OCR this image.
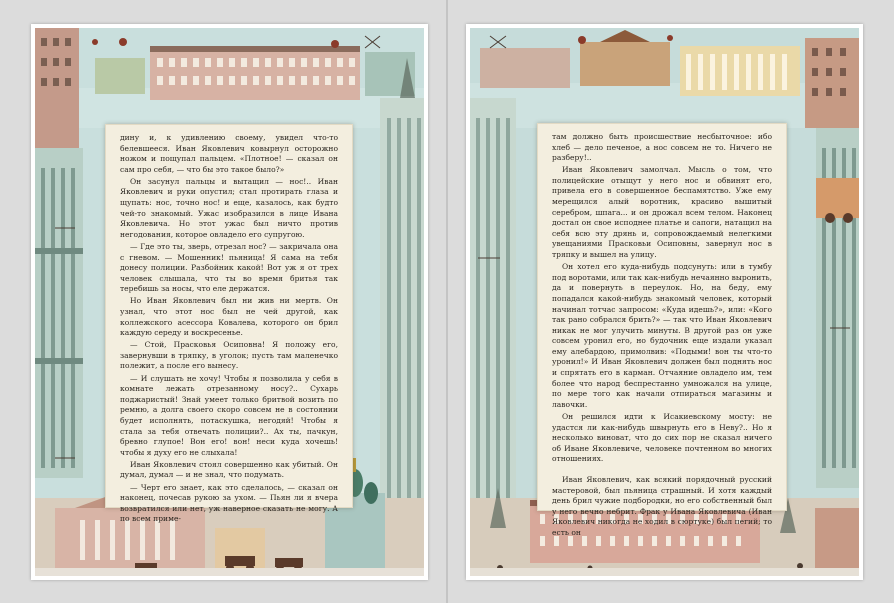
дину и, к удивлению своему, увидел что-то белевшееся. Иван Яковлевич ковырнул осторожно ножом и пощупал пальцем. «Плотное! — сказал он сам про себя, — что бы это такое было?»

Он засунул пальцы и вытащил — нос!.. Иван Яковлевич и руки опустил; стал протирать глаза и щупать: нос, точно нос! и еще, казалось, как будто чей-то знакомый. Ужас изобразился в лице Ивана Яковлевича. Но этот ужас был ничто против негодования, которое овладело его супругою.

— Где это ты, зверь, отрезал нос? — закричала она с гневом. — Мошенник! пьяница! Я сама на тебя донесу полиции. Разбойник какой! Вот уж я от трех человек слышала, что ты во время бритья так теребишь за носы, что еле держатся.

Но Иван Яковлевич был ни жив ни мертв. Он узнал, что этот нос был не чей другой, как коллежского асессора Ковалева, которого он брил каждую середу и воскресенье.

— Стой, Прасковья Осиповна! Я положу его, завернувши в тряпку, в уголок; пусть там маленечко полежит, а после его вынесу.

— И слушать не хочу! Чтобы я позволила у себя в комнате лежать отрезанному носу?.. Сухарь поджаристый! Знай умеет только бритвой возить по ремню, а долга своего скоро совсем не в состоянии будет исполнять, потаскушка, негодяй! Чтобы я стала за тебя отвечать полиции?.. Ах ты, пачкун, бревно глупое! Вон его! вон! неси куда хочешь! чтобы я духу его не слыхала!

Иван Яковлевич стоял совершенно как убитый. Он думал, думал — и не знал, что подумать.

— Черт его знает, как это сделалось, — сказал он наконец, почесав рукою за ухом. — Пьян ли я вчера возвратился или нет, уж наверное сказать не могу. А по всем приме-

там должно быть происшествие несбыточное: ибо хлеб — дело печеное, а нос совсем не то. Ничего не разберу!..

Иван Яковлевич замолчал. Мысль о том, что полицейские отыщут у него нос и обвинят его, привела его в совершенное беспамятство. Уже ему мерещился алый воротник, красиво вышитый серебром, шпага... и он дрожал всем телом. Наконец достал он свое исподнее платье и сапоги, натащил на себя всю эту дрянь и, сопровождаемый нелегкими увещаниями Прасковьи Осиповны, завернул нос в тряпку и вышел на улицу.

Он хотел его куда-нибудь подсунуть: или в тумбу под воротами, или так как-нибудь нечаянно выронить, да и повернуть в переулок. Но, на беду, ему попадался какой-нибудь знакомый человек, который начинал тотчас запросом: «Куда идешь?», или: «Кого так рано собрался брить?» — так что Иван Яковлевич никак не мог улучить минуты. В другой раз он уже совсем уронил его, но будочник еще издали указал ему алебардою, примолвив: «Подыми! вон ты что-то уронил!» И Иван Яковлевич должен был поднять нос и спрятать его в карман. Отчаяние овладело им, тем более что народ беспрестанно умножался на улице, по мере того как начали отпираться магазины и лавочки.

Он решился идти к Исакиевскому мосту: не удастся ли как-нибудь швырнуть его в Неву?.. Но я несколько виноват, что до сих пор не сказал ничего об Иване Яковлевиче, человеке почтенном во многих отношениях.

Иван Яковлевич, как всякий порядочный русский мастеровой, был пьяница страшный. И хотя каждый день брил чужие подбородки, но его собственный был у него вечно небрит. Фрак у Ивана Яковлевича (Иван Яковлевич никогда не ходил в сюртуке) был пегий; то есть он
